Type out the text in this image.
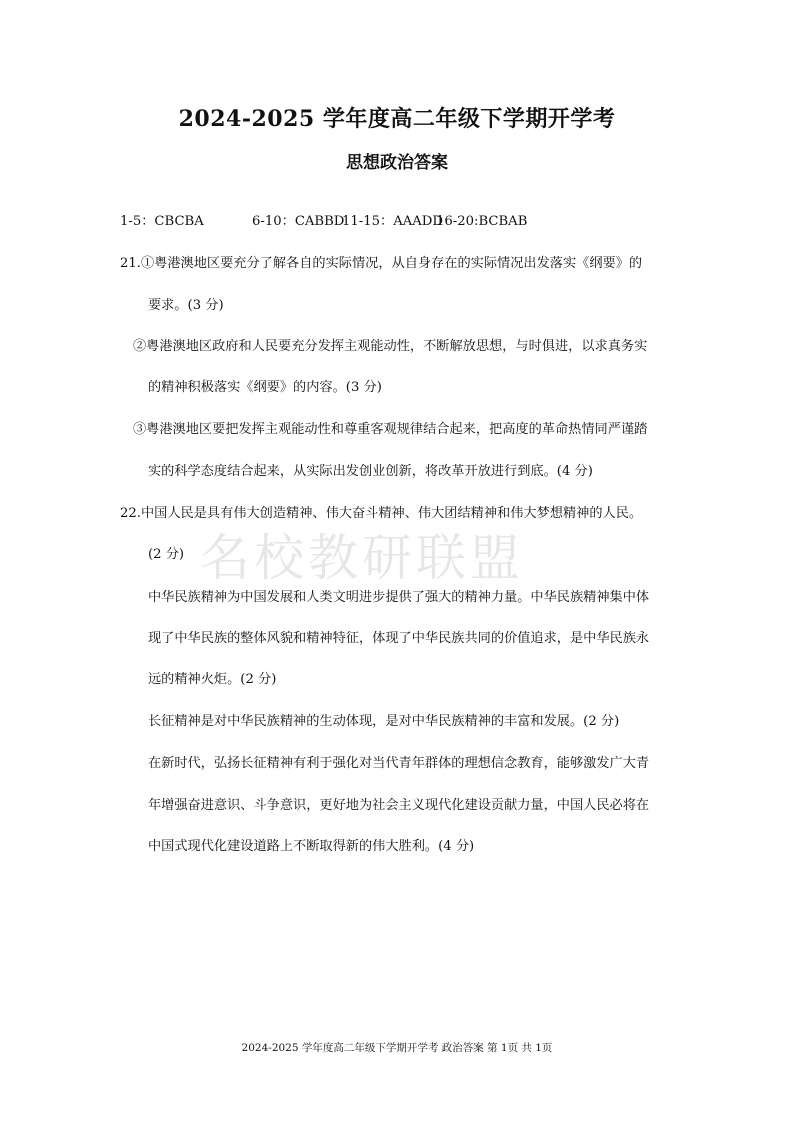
2024-2025 学年度高二年级下学期开学考
思想政治答案
1-5：CBCBA	6-10：CABBD11-15：AAADD16-20:BCBAB
21.①粤港澳地区要充分了解各自的实际情况，从自身存在的实际情况出发落实《纲要》的
要求。(3 分)
②粤港澳地区政府和人民要充分发挥主观能动性，不断解放思想，与时俱进，以求真务实
的精神积极落实《纲要》的内容。(3 分)
③粤港澳地区要把发挥主观能动性和尊重客观规律结合起来，把高度的革命热情同严谨踏
实的科学态度结合起来，从实际出发创业创新，将改革开放进行到底。(4 分)
22.中国人民是具有伟大创造精神、伟大奋斗精神、伟大团结精神和伟大梦想精神的人民。
名校教研联盟
(2 分)
中华民族精神为中国发展和人类文明进步提供了强大的精神力量。中华民族精神集中体
现了中华民族的整体风貌和精神特征，体现了中华民族共同的价值追求，是中华民族永
远的精神火炬。(2 分)
长征精神是对中华民族精神的生动体现，是对中华民族精神的丰富和发展。(2 分)
在新时代，弘扬长征精神有利于强化对当代青年群体的理想信念教育，能够激发广大青
年增强奋进意识、斗争意识，更好地为社会主义现代化建设贡献力量，中国人民必将在
中国式现代化建设道路上不断取得新的伟大胜利。(4 分)
2024-2025 学年度高二年级下学期开学考 政治答案 第 1页 共 1页
